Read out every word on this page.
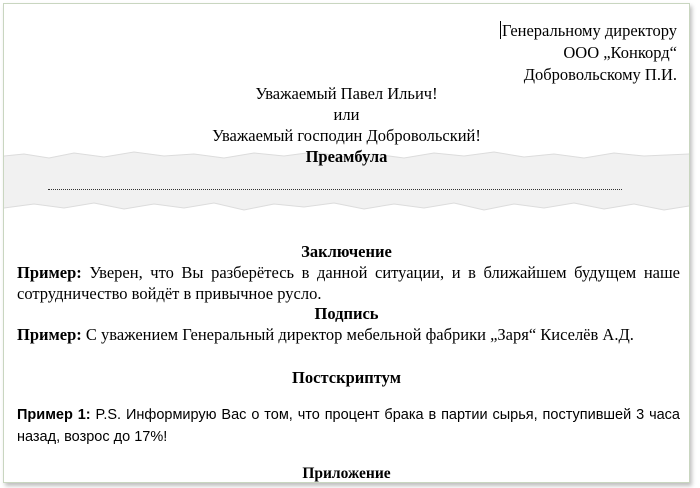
Генеральному директору
ООО „Конкорд“
Добровольскому П.И.
Уважаемый Павел Ильич!
или
Уважаемый господин Добровольский!
Преамбула
Заключение
Пример: Уверен, что Вы разберётесь в данной ситуации, и в ближайшем будущем наше сотрудничество войдёт в привычное русло.
Подпись
Пример: С уважением Генеральный директор мебельной фабрики „Заря“ Киселёв А.Д.
Постскриптум
Пример 1: P.S. Информирую Вас о том, что процент брака в партии сырья, поступившей 3 часа назад, возрос до 17%!
Приложение
